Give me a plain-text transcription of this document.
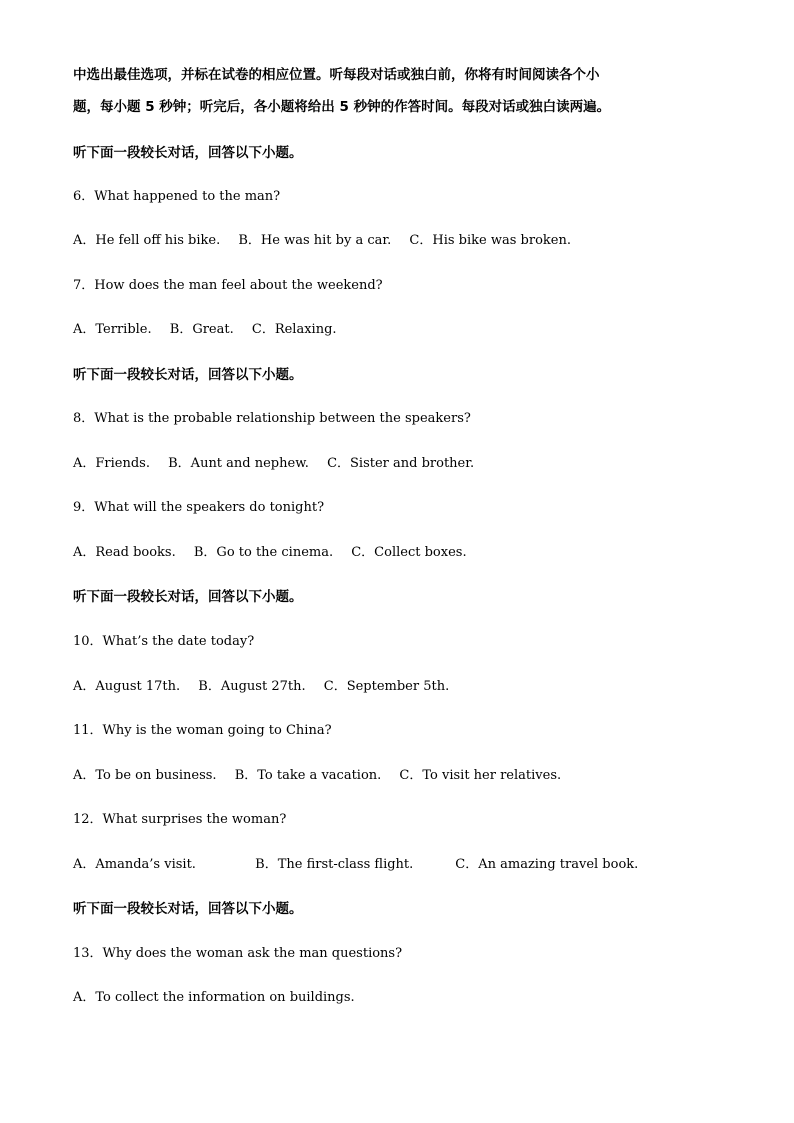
中选出最佳选项，并标在试卷的相应位置。听每段对话或独白前，你将有时间阅读各个小
题，每小题 5 秒钟；听完后，各小题将给出 5 秒钟的作答时间。每段对话或独白读两遍。
听下面一段较长对话，回答以下小题。
6．What happened to the man?
A．He fell off his bike. B．He was hit by a car. C．His bike was broken.
7．How does the man feel about the weekend?
A．Terrible. B．Great. C．Relaxing.
听下面一段较长对话，回答以下小题。
8．What is the probable relationship between the speakers?
A．Friends. B．Aunt and nephew. C．Sister and brother.
9．What will the speakers do tonight?
A．Read books. B．Go to the cinema. C．Collect boxes.
听下面一段较长对话，回答以下小题。
10．What’s the date today?
A．August 17th. B．August 27th. C．September 5th.
11．Why is the woman going to China?
A．To be on business. B．To take a vacation. C．To visit her relatives.
12．What surprises the woman?
A．Amanda’s visit.	B．The first-class flight.	C．An amazing travel book.
听下面一段较长对话，回答以下小题。
13．Why does the woman ask the man questions?
A．To collect the information on buildings.
